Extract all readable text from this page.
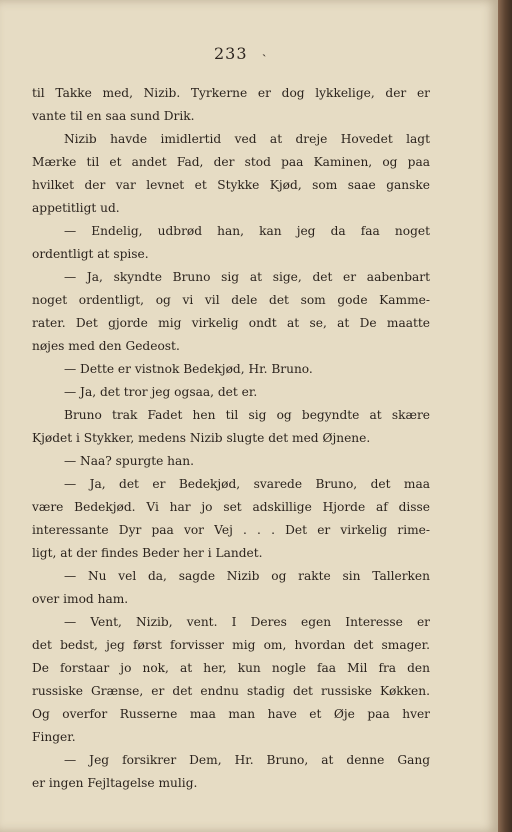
233 ˎ
til Takke med, Nizib. Tyrkerne er dog lykkelige, der er
vante til en saa sund Drik.
Nizib havde imidlertid ved at dreje Hovedet lagt
Mærke til et andet Fad, der stod paa Kaminen, og paa
hvilket der var levnet et Stykke Kjød, som saae ganske
appetitligt ud.
— Endelig, udbrød han, kan jeg da faa noget
ordentligt at spise.
— Ja, skyndte Bruno sig at sige, det er aabenbart
noget ordentligt, og vi vil dele det som gode Kamme-
rater. Det gjorde mig virkelig ondt at se, at De maatte
nøjes med den Gedeost.
— Dette er vistnok Bedekjød, Hr. Bruno.
— Ja, det tror jeg ogsaa, det er.
Bruno trak Fadet hen til sig og begyndte at skære
Kjødet i Stykker, medens Nizib slugte det med Øjnene.
— Naa? spurgte han.
— Ja, det er Bedekjød, svarede Bruno, det maa
være Bedekjød. Vi har jo set adskillige Hjorde af disse
interessante Dyr paa vor Vej . . . Det er virkelig rime-
ligt, at der findes Beder her i Landet.
— Nu vel da, sagde Nizib og rakte sin Tallerken
over imod ham.
— Vent, Nizib, vent. I Deres egen Interesse er
det bedst, jeg først forvisser mig om, hvordan det smager.
De forstaar jo nok, at her, kun nogle faa Mil fra den
russiske Grænse, er det endnu stadig det russiske Køkken.
Og overfor Russerne maa man have et Øje paa hver
Finger.
— Jeg forsikrer Dem, Hr. Bruno, at denne Gang
er ingen Fejltagelse mulig.
